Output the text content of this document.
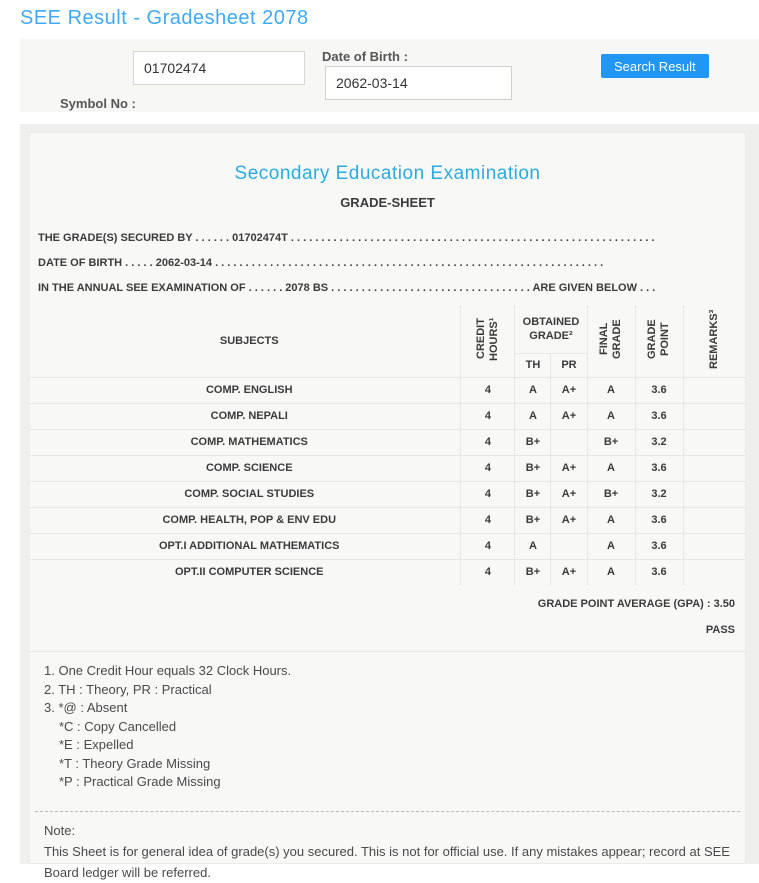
SEE Result - Gradesheet 2078
Symbol No :
01702474
Date of Birth :
2062-03-14
Search Result
Secondary Education Examination
GRADE-SHEET
THE GRADE(S) SECURED BY . . . . . . 01702474T . . . . . . . . . . . . . . . . . . . . . . . . . . . . . . . . . . . . . . . . . . . . . . . . . . . . . . . . . . . .
DATE OF BIRTH . . . . . 2062-03-14 . . . . . . . . . . . . . . . . . . . . . . . . . . . . . . . . . . . . . . . . . . . . . . . . . . . . . . . . . . . . . . . .
IN THE ANNUAL SEE EXAMINATION OF . . . . . . 2078 BS . . . . . . . . . . . . . . . . . . . . . . . . . . . . . . . . . ARE GIVEN BELOW . . .
SUBJECTS	CREDIT HOURS¹	OBTAINED GRADE²		FINAL GRADE	GRADE POINT	REMARKS³
		TH	PR			
COMP. ENGLISH	4	A	A+	A	3.6	
COMP. NEPALI	4	A	A+	A	3.6	
COMP. MATHEMATICS	4	B+		B+	3.2	
COMP. SCIENCE	4	B+	A+	A	3.6	
COMP. SOCIAL STUDIES	4	B+	A+	B+	3.2	
COMP. HEALTH, POP & ENV EDU	4	B+	A+	A	3.6	
OPT.I ADDITIONAL MATHEMATICS	4	A		A	3.6	
OPT.II COMPUTER SCIENCE	4	B+	A+	A	3.6	
GRADE POINT AVERAGE (GPA) : 3.50
PASS
1. One Credit Hour equals 32 Clock Hours.
2. TH : Theory, PR : Practical
3. *@ : Absent
*C : Copy Cancelled
*E : Expelled
*T : Theory Grade Missing
*P : Practical Grade Missing
Note:
This Sheet is for general idea of grade(s) you secured. This is not for official use. If any mistakes appear; record at SEE Board ledger will be referred.
